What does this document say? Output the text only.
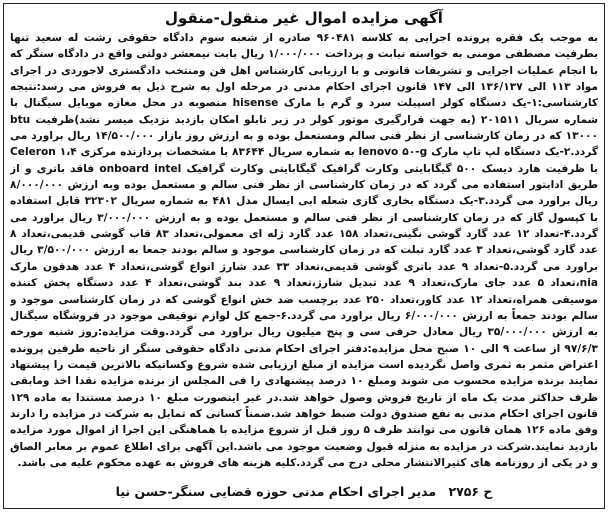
آگهی مزایده اموال غیر منقول-منقول
به موجب یک فقره پرونده اجرایی به کلاسه ۹۶۰۴۸۱ صادره از شعبه سوم دادگاه حقوقی رشت له سعید تنها بطرفیت مصطفی مومنی به خواسته نیابت و پرداخت ۱/۰۰۰/۰۰۰ ریال بابت نیمعشر دولتی واقع در دادگاه سنگر که با انجام عملیات اجرایی و تشریفات قانونی و با ارزیابی کارشناس اهل فن ومنتخب دادگستری لاجوردی در اجرای مواد ۱۱۳ الی ۱۳۶/۱۳۷ الی ۱۴۷ قانون اجرای احکام مدنی در مرحله اول به شرح ذیل به فروش می رسد:نتیجه کارشناسی:۱-یک دستگاه کولر اسپیلت سرد و گرم با مارک hisense منصوبه در محل مغازه موبایل سیگنال با شماره سریال ۲۰۱۵۱۱ (به جهت قرارگیری موتور کولر در زیر تابلو امکان بازدید نزدیک میسر نشد)ظرفیت btu ۱۳۰۰۰ که در زمان کارشناسی از نظر فنی سالم ومستعمل بوده و به ارزش روز بازار ۱۴/۵۰۰/۰۰۰ ریال براورد می گردد.۲-یک دستگاه لپ تاپ مارک lenovo ۵۰-g به شماره سریال ۸۳۶۴۴ با مشخصات پردازنده مرکزی Celeron ۱،۴ با ظرفیت هارد دیسک ۵۰۰ گیگابایتی وکارت گرافیک گیگابایتی وکارت گرافیک onboard intel فاقد باتری و از طریق ادابتور استفاده می گردد که در زمان کارشناسی از نظر فنی سالم و مستعمل بوده وبه ارزش ۸/۰۰۰/۰۰۰ ریال براورد می گردد.۳-یک دستگاه بخاری گازی شعله ابی ایسال مدل ۴۸۱ به شماره سریال ۳۲۳۰۲ قابل استفاده با کپسول گاز که در زمان کارشناسی از نظر فنی سالم و مستعمل بوده و به ارزش ۳/۰۰۰/۰۰۰ ریال براورد می گردد.۴-تعداد ۱۲ عدد گارد گوشی نگینی،تعداد ۱۵۸ عدد گارد ژله ای معمولی،تعداد ۸۳ قاب گوشی قدیمی،تعداد ۸ عدد گارد گوشی،تعداد ۳ عدد گارد تبلت که در زمان کارشناسی موجود و سالم بودند جمعا به ارزش ۳/۵۰۰/۰۰۰ ریال براورد می گردد.۵-تعداد ۹ عدد باتری گوشی قدیمی،تعداد ۳۳ عدد شارژ انواع گوشی،تعداد ۴ عدد هدفون مارک nia،تعداد ۵ عدد جای مارک،تعداد ۹ عدد تبدیل شارژ،تعداد ۹ عدد بند گوشی،تعداد ۴ عدد دستگاه پخش کننده موسیقی همراه،تعداد ۱۲ عدد کاور،تعداد ۲۵۰ عدد برچسب ضد خش انواع گوشی که در زمان کارشناسی موجود و سالم بودند جمعاً به ارزش ۶/۰۰۰/۰۰۰ ریال براورد می گردد.۶-جمع کل لوازم توقیفی موجود در فروشگاه سیگنال به ارزش ۳۵/۰۰۰/۰۰۰ ریال معادل حرفی سی و پنج میلیون ریال براورد می گردد.وقت مزایده:روز شنبه مورخه ۹۷/۶/۳ از ساعت ۹ الی ۱۰ صبح محل مزایده:دفتر اجرای احکام مدنی دادگاه حقوقی سنگر از ناحیه طرفین پرونده اعتراض مثمر به ثمری واصل نگردیده است مزایده از مبلغ ارزیابی شده شروع وکسانیکه بالاترین قیمت را پیشنهاد نمایند برنده مزایده محسوب می شوند ومبلغ ۱۰ درصد پیشنهادی را فی المجلس از برنده مزایده نقدا اخذ ومابقی ظرف حداکثر مدت یک ماه از تاریخ فروش وصول خواهد شد.در غیر اینصورت مبلغ ۱۰ درصد مستندا به ماده ۱۲۹ قانون اجرای احکام مدنی به نفع صندوق دولت ضبط خواهد شد.ضمناً کسانی که تمایل به شرکت در مزایده را دارند وفق ماده ۱۲۶ همان قانون می توانند ظرف ۵ روز قبل از شروع مزایده با هماهنگی این اجرا از اموال مورد مزایده بازدید نمایند.شرکت در مزایده به منزله قبول وضعیت موجود می باشد.این آگهی برای اطلاع عموم بر معابر الصاق و در یکی از روزنامه های کثیرالانتشار محلی درج می گردد.کلیه هزینه های فروش به عهده محکوم علیه می باشد.
ح ۲۷۵۶ مدیر اجرای احکام مدنی حوزه قضایی سنگر-حسن نیا
